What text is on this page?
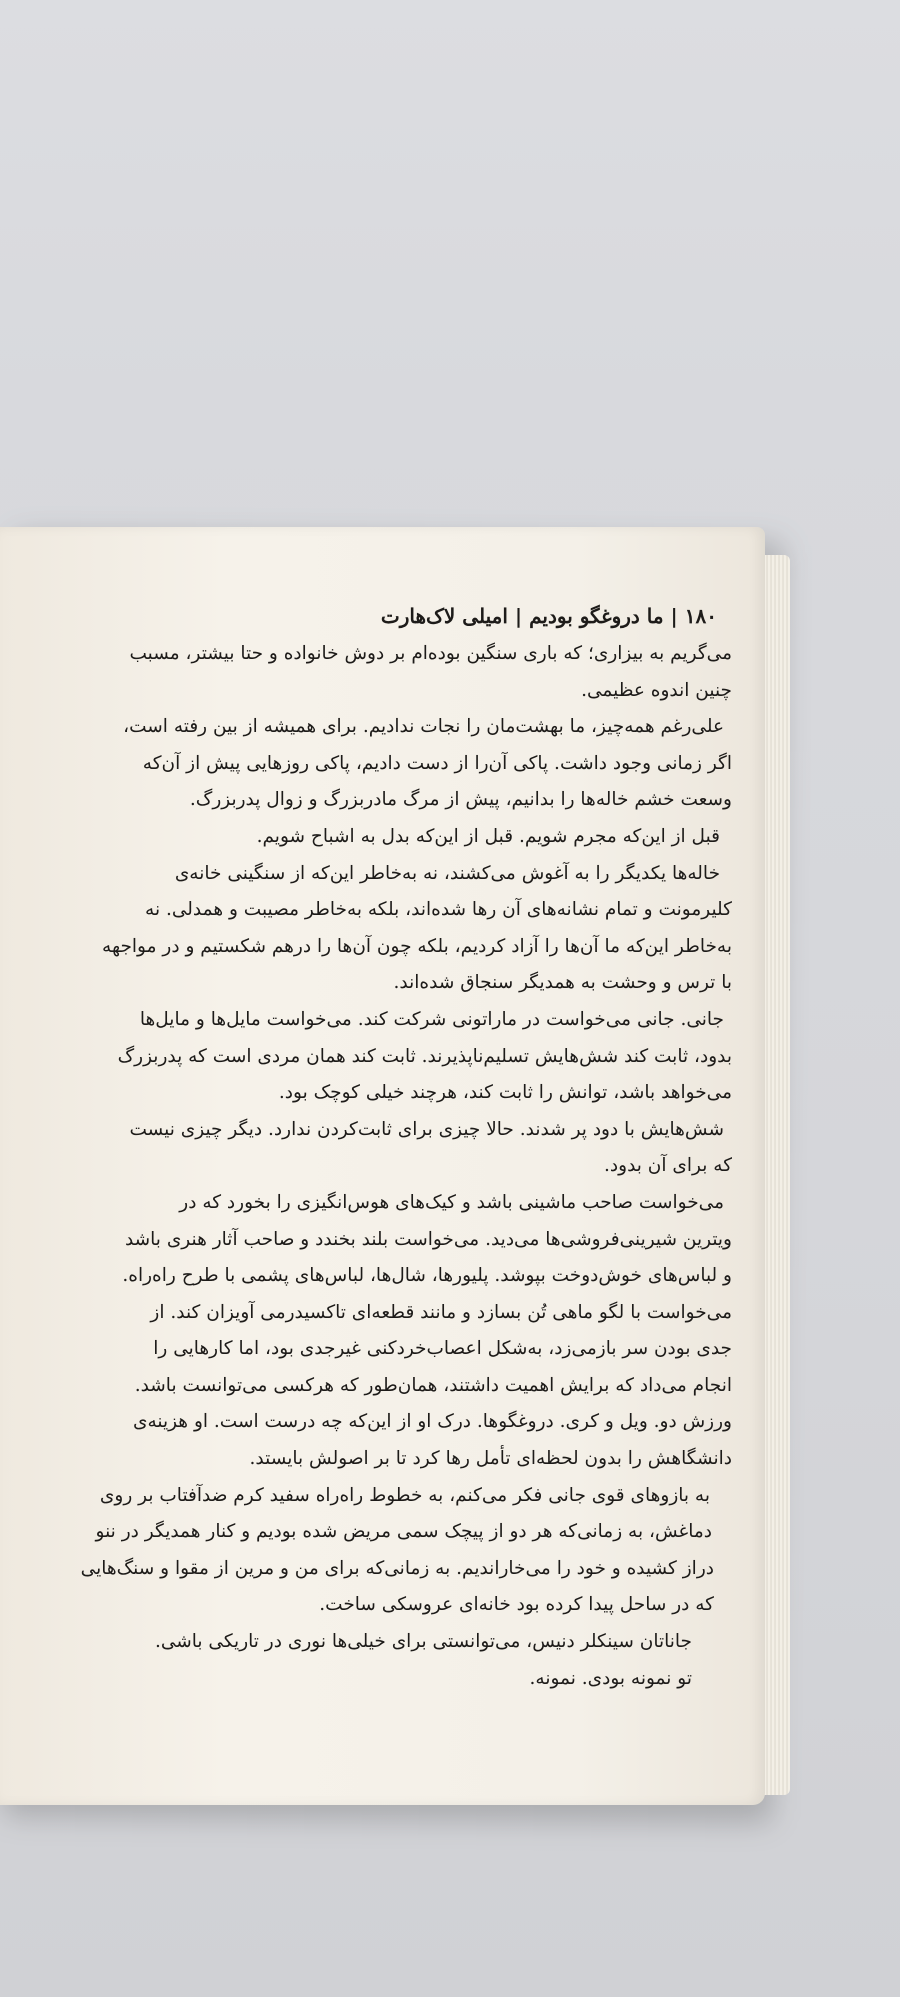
۱۸۰ | ما دروغگو بودیم | امیلی لاک‌هارت
می‌گریم به بیزاری؛ که باری سنگین بوده‌ام بر دوش خانواده و حتا بیشتر، مسبب
چنین اندوه عظیمی.
علی‌رغم همه‌چیز، ما بهشت‌مان را نجات ندادیم. برای همیشه از بین رفته است،
اگر زمانی وجود داشت. پاکی آن‌را از دست دادیم، پاکی روزهایی پیش از آن‌که
وسعت خشم خاله‌ها را بدانیم، پیش از مرگ مادربزرگ و زوال پدربزرگ.
قبل از این‌که مجرم شویم. قبل از این‌که بدل به اشباح شویم.
خاله‌ها یکدیگر را به آغوش می‌کشند، نه به‌خاطر این‌که از سنگینی خانه‌ی
کلیرمونت و تمام نشانه‌های آن رها شده‌اند، بلکه به‌خاطر مصیبت و همدلی. نه
به‌خاطر این‌که ما آن‌ها را آزاد کردیم، بلکه چون آن‌ها را درهم شکستیم و در مواجهه
با ترس و وحشت به همدیگر سنجاق شده‌اند.
جانی. جانی می‌خواست در ماراتونی شرکت کند. می‌خواست مایل‌ها و مایل‌ها
بدود، ثابت کند شش‌هایش تسلیم‌ناپذیرند. ثابت کند همان مردی است که پدربزرگ
می‌خواهد باشد، توانش را ثابت کند، هرچند خیلی کوچک بود.
شش‌هایش با دود پر شدند. حالا چیزی برای ثابت‌کردن ندارد. دیگر چیزی نیست
که برای آن بدود.
می‌خواست صاحب ماشینی باشد و کیک‌های هوس‌انگیزی را بخورد که در
ویترین شیرینی‌فروشی‌ها می‌دید. می‌خواست بلند بخندد و صاحب آثار هنری باشد
و لباس‌های خوش‌دوخت بپوشد. پلیورها، شال‌ها، لباس‌های پشمی با طرح راه‌راه.
می‌خواست با لگو ماهی تُن بسازد و مانند قطعه‌ای تاکسیدرمی آویزان کند. از
جدی بودن سر بازمی‌زد، به‌شکل اعصاب‌خردکنی غیرجدی بود، اما کارهایی را
انجام می‌داد که برایش اهمیت داشتند، همان‌طور که هرکسی می‌توانست باشد.
ورزش دو. ویل و کری. دروغگوها. درک او از این‌که چه درست است. او هزینه‌ی
دانشگاهش را بدون لحظه‌ای تأمل رها کرد تا بر اصولش بایستد.
به بازوهای قوی جانی فکر می‌کنم، به خطوط راه‌راه سفید کرم ضدآفتاب بر روی
دماغش، به زمانی‌که هر دو از پیچک سمی مریض شده بودیم و کنار همدیگر در ننو
دراز کشیده و خود را می‌خاراندیم. به زمانی‌که برای من و مرین از مقوا و سنگ‌هایی
که در ساحل پیدا کرده بود خانه‌ای عروسکی ساخت.
جاناتان سینکلر دنیس، می‌توانستی برای خیلی‌ها نوری در تاریکی باشی.
تو نمونه بودی. نمونه.
